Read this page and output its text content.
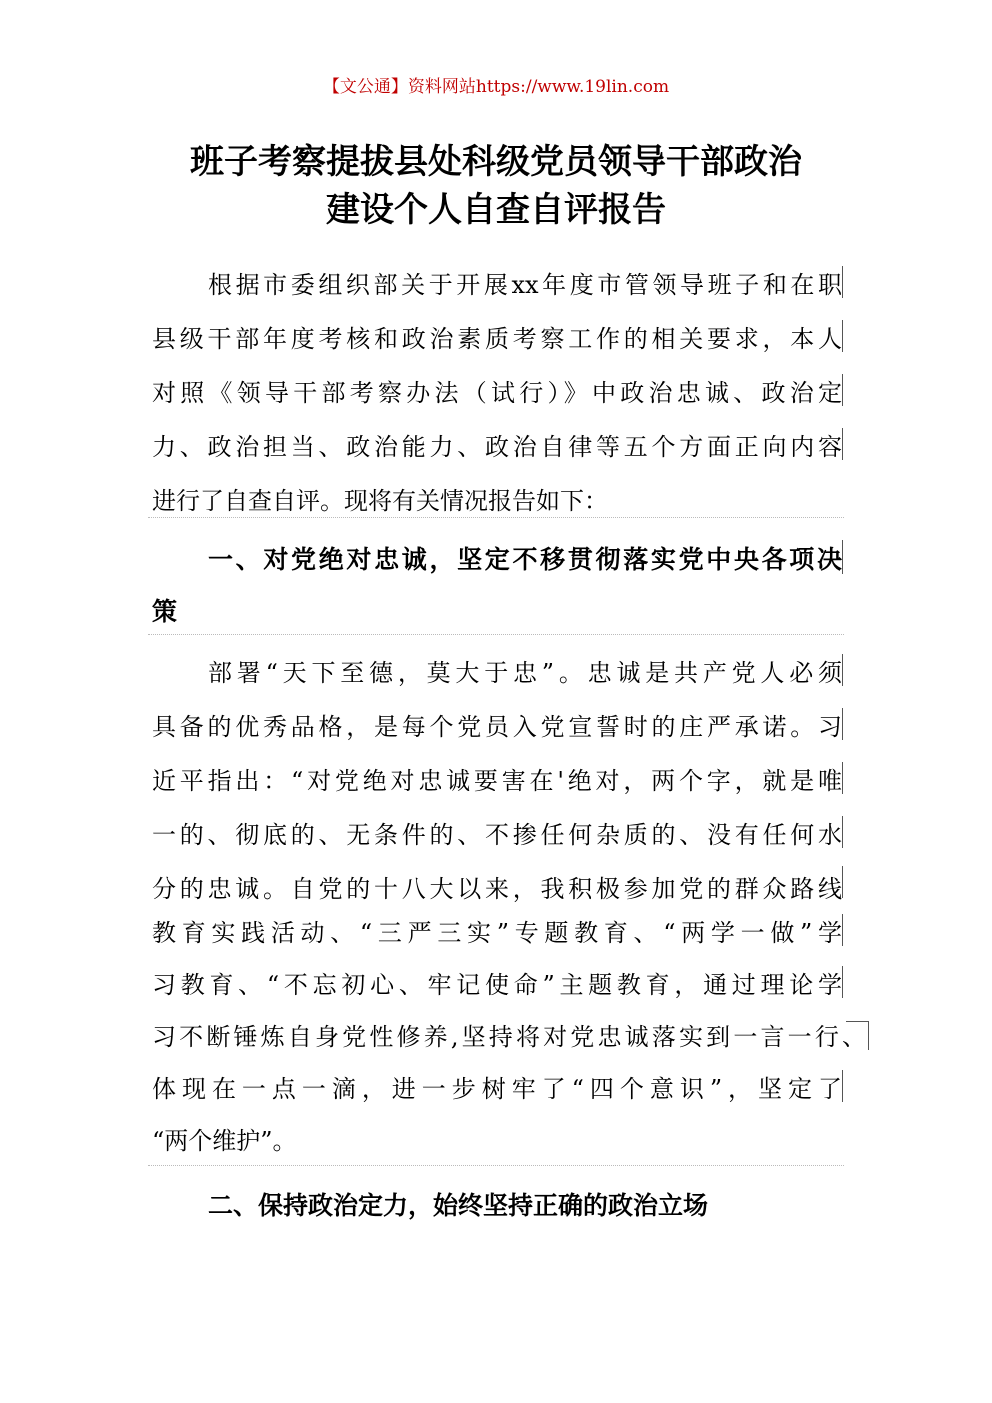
【文公通】资料网站https://www.19lin.com
班子考察提拔县处科级党员领导干部政治
建设个人自查自评报告
根据市委组织部关于开展xx年度市管领导班子和在职
县级干部年度考核和政治素质考察工作的相关要求，本人
对照《领导干部考察办法（试行）》中政治忠诚、政治定
力、政治担当、政治能力、政治自律等五个方面正向内容
进行了自查自评。现将有关情况报告如下：
一、对党绝对忠诚，坚定不移贯彻落实党中央各项决
策
部署“天下至德，莫大于忠”。忠诚是共产党人必须
具备的优秀品格，是每个党员入党宣誓时的庄严承诺。习
近平指出：“对党绝对忠诚要害在'绝对，两个字，就是唯
一的、彻底的、无条件的、不掺任何杂质的、没有任何水
分的忠诚。自党的十八大以来，我积极参加党的群众路线
教育实践活动、“三严三实”专题教育、“两学一做”学
习教育、“不忘初心、牢记使命”主题教育，通过理论学
习不断锤炼自身党性修养,坚持将对党忠诚落实到一言一行、
体现在一点一滴，进一步树牢了“四个意识”，坚定了
“两个维护”。
二、保持政治定力，始终坚持正确的政治立场
